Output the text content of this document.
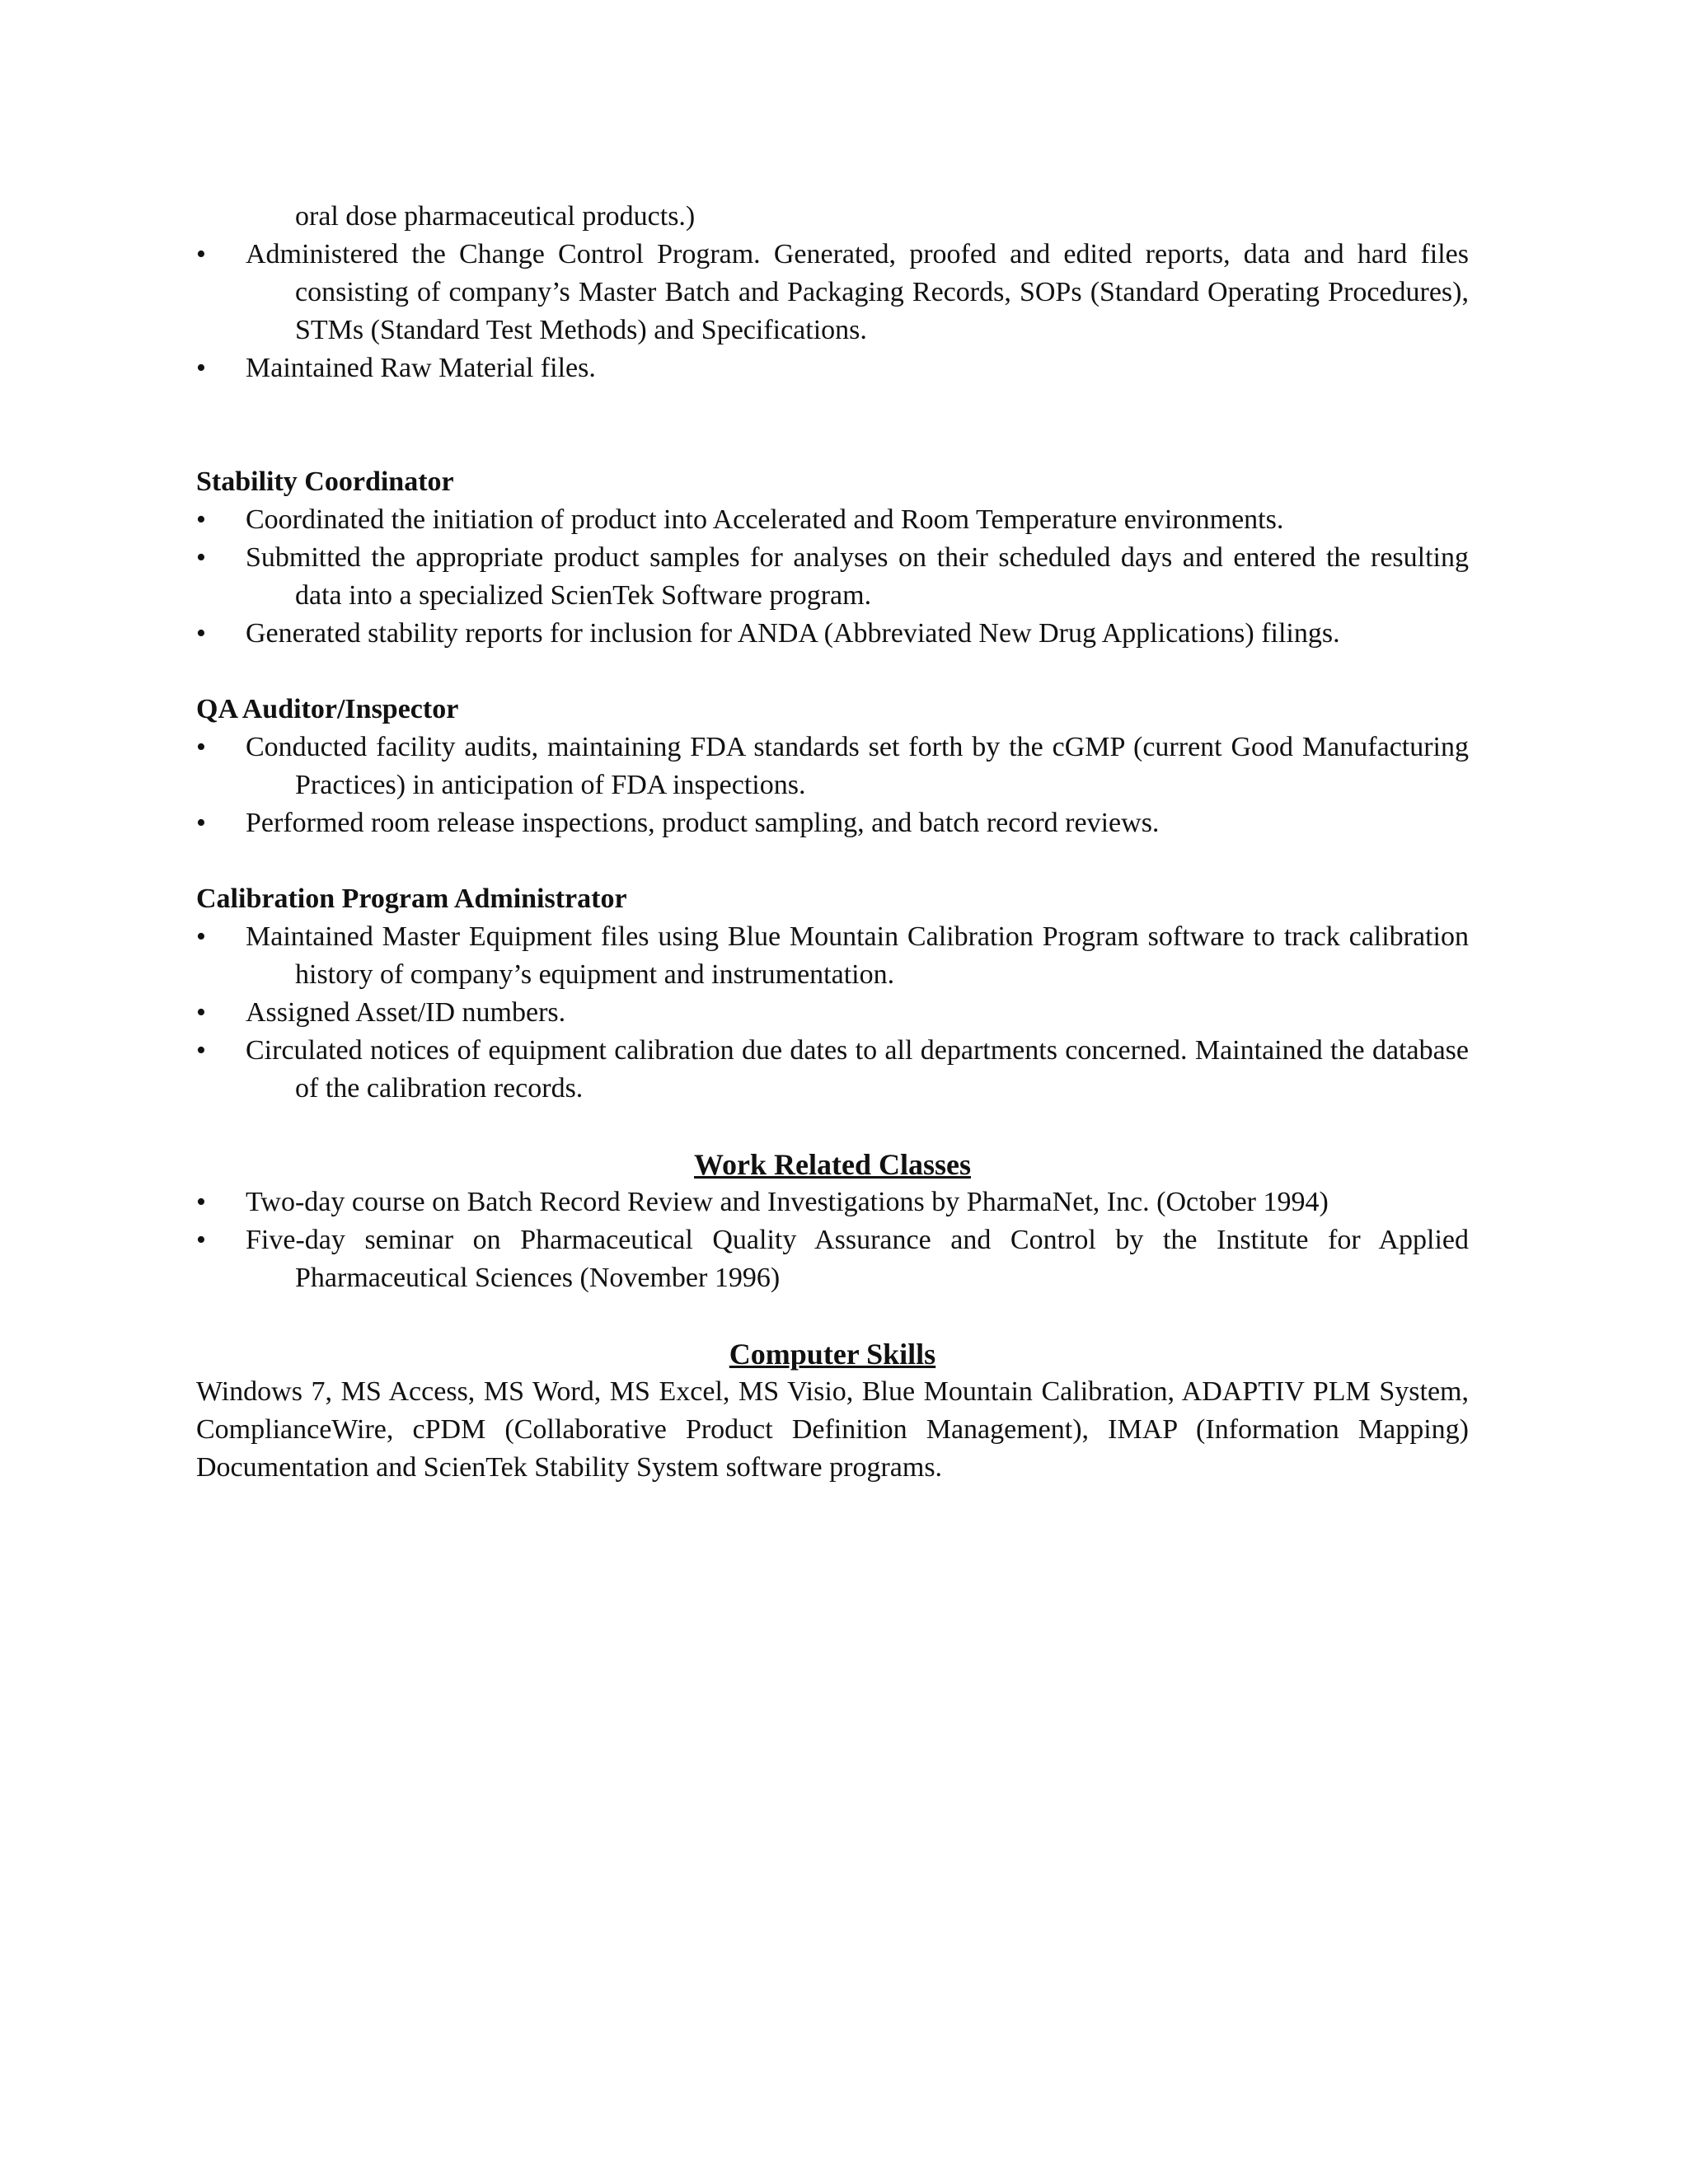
oral dose pharmaceutical products.)
•	Administered the Change Control Program. Generated, proofed and edited reports, data and hard files consisting of company’s Master Batch and Packaging Records, SOPs (Standard Operating Procedures), STMs (Standard Test Methods) and Specifications.
•	Maintained Raw Material files.
Stability Coordinator
•	Coordinated the initiation of product into Accelerated and Room Temperature environments.
•	Submitted the appropriate product samples for analyses on their scheduled days and entered the resulting data into a specialized ScienTek Software program.
•	Generated stability reports for inclusion for ANDA (Abbreviated New Drug Applications) filings.
QA Auditor/Inspector
•	Conducted facility audits, maintaining FDA standards set forth by the cGMP (current Good Manufacturing Practices) in anticipation of FDA inspections.
•	Performed room release inspections, product sampling, and batch record reviews.
Calibration Program Administrator
•	Maintained Master Equipment files using Blue Mountain Calibration Program software to track calibration history of company’s equipment and instrumentation.
•	Assigned Asset/ID numbers.
•	Circulated notices of equipment calibration due dates to all departments concerned. Maintained the database of the calibration records.
Work Related Classes
•	Two-day course on Batch Record Review and Investigations by PharmaNet, Inc. (October 1994)
•	Five-day seminar on Pharmaceutical Quality Assurance and Control by the Institute for Applied Pharmaceutical Sciences (November 1996)
Computer Skills

Windows 7, MS Access, MS Word, MS Excel, MS Visio, Blue Mountain Calibration, ADAPTIV PLM System, ComplianceWire, cPDM (Collaborative Product Definition Management), IMAP (Information Mapping) Documentation and ScienTek Stability System software programs.
